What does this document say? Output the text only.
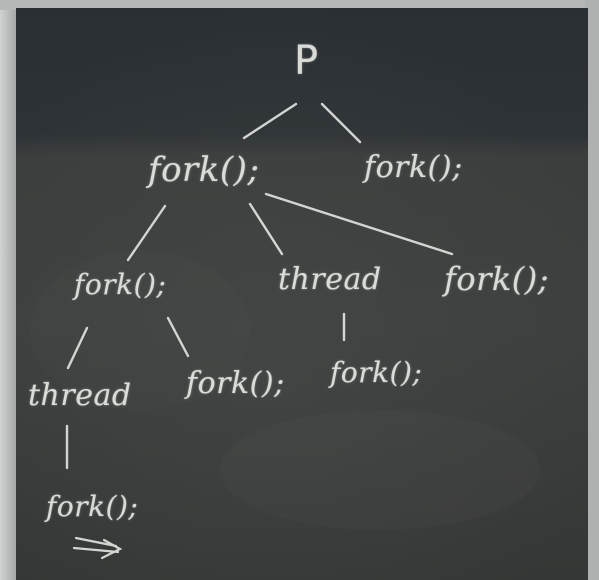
P
fork();	fork();
fork();	thread fork();
thread fork(); fork();
fork();
